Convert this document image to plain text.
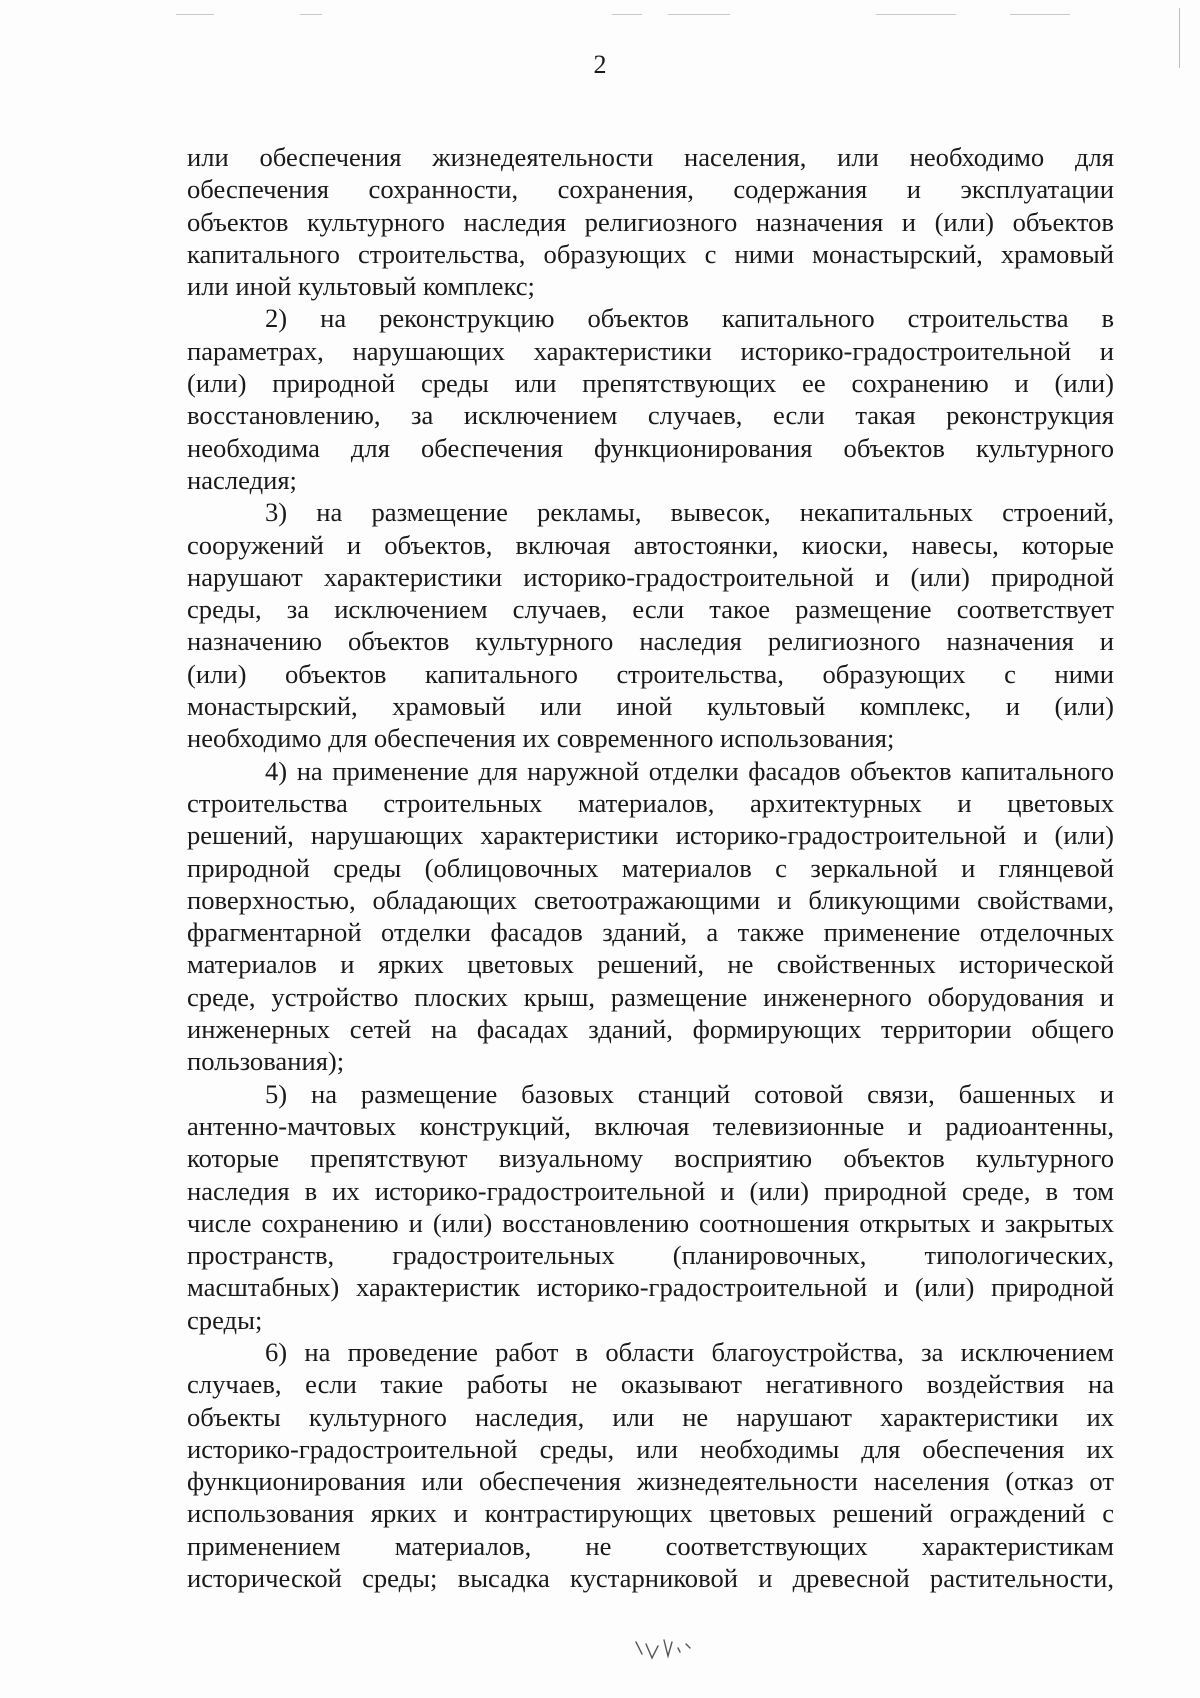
2
или обеспечения жизнедеятельности населения, или необходимо для
обеспечения сохранности, сохранения, содержания и эксплуатации
объектов культурного наследия религиозного назначения и (или) объектов
капитального строительства, образующих с ними монастырский, храмовый
или иной культовый комплекс;
2) на реконструкцию объектов капитального строительства в
параметрах, нарушающих характеристики историко-градостроительной и
(или) природной среды или препятствующих ее сохранению и (или)
восстановлению, за исключением случаев, если такая реконструкция
необходима для обеспечения функционирования объектов культурного
наследия;
3) на размещение рекламы, вывесок, некапитальных строений,
сооружений и объектов, включая автостоянки, киоски, навесы, которые
нарушают характеристики историко-градостроительной и (или) природной
среды, за исключением случаев, если такое размещение соответствует
назначению объектов культурного наследия религиозного назначения и
(или) объектов капитального строительства, образующих с ними
монастырский, храмовый или иной культовый комплекс, и (или)
необходимо для обеспечения их современного использования;
4) на применение для наружной отделки фасадов объектов капитального
строительства строительных материалов, архитектурных и цветовых
решений, нарушающих характеристики историко-градостроительной и (или)
природной среды (облицовочных материалов с зеркальной и глянцевой
поверхностью, обладающих светоотражающими и бликующими свойствами,
фрагментарной отделки фасадов зданий, а также применение отделочных
материалов и ярких цветовых решений, не свойственных исторической
среде, устройство плоских крыш, размещение инженерного оборудования и
инженерных сетей на фасадах зданий, формирующих территории общего
пользования);
5) на размещение базовых станций сотовой связи, башенных и
антенно-мачтовых конструкций, включая телевизионные и радиоантенны,
которые препятствуют визуальному восприятию объектов культурного
наследия в их историко-градостроительной и (или) природной среде, в том
числе сохранению и (или) восстановлению соотношения открытых и закрытых
пространств, градостроительных (планировочных, типологических,
масштабных) характеристик историко-градостроительной и (или) природной
среды;
6) на проведение работ в области благоустройства, за исключением
случаев, если такие работы не оказывают негативного воздействия на
объекты культурного наследия, или не нарушают характеристики их
историко-градостроительной среды, или необходимы для обеспечения их
функционирования или обеспечения жизнедеятельности населения (отказ от
использования ярких и контрастирующих цветовых решений ограждений с
применением материалов, не соответствующих характеристикам
исторической среды; высадка кустарниковой и древесной растительности,
